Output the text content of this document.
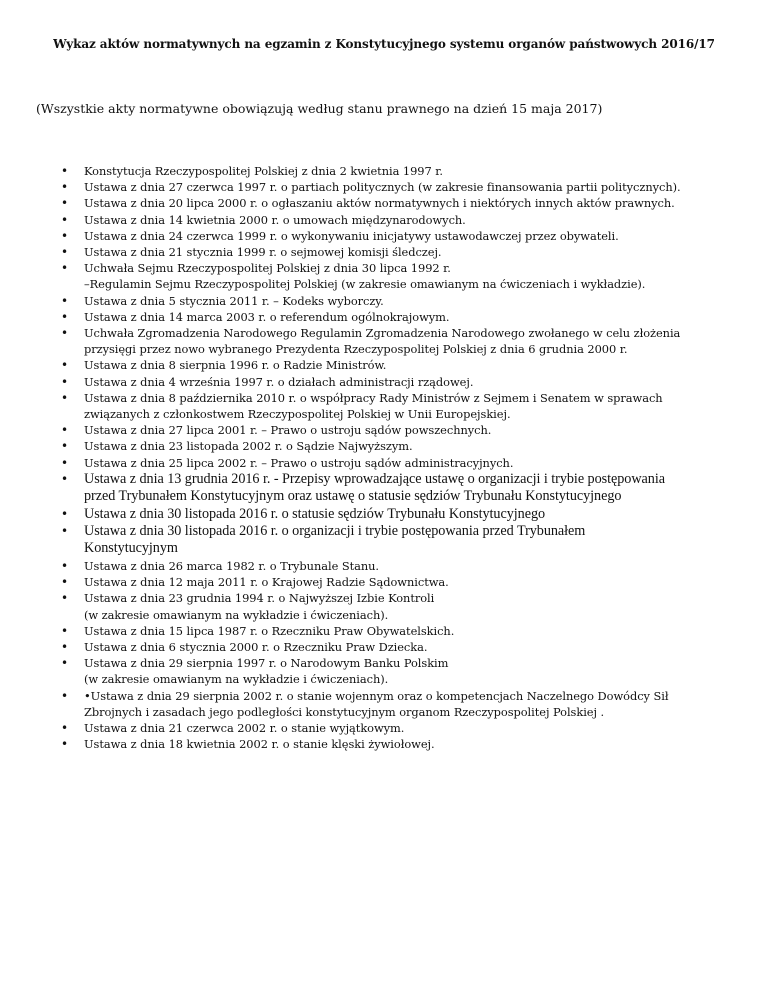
Wykaz aktów normatywnych na egzamin z Konstytucyjnego systemu organów państwowych 2016/17
(Wszystkie akty normatywne obowiązują według stanu prawnego na dzień 15 maja 2017)
• Konstytucja Rzeczypospolitej Polskiej z dnia 2 kwietnia 1997 r.
• Ustawa z dnia 27 czerwca 1997 r. o partiach politycznych (w zakresie finansowania partii politycznych).
• Ustawa z dnia 20 lipca 2000 r. o ogłaszaniu aktów normatywnych i niektórych innych aktów prawnych.
• Ustawa z dnia 14 kwietnia 2000 r. o umowach międzynarodowych.
• Ustawa z dnia 24 czerwca 1999 r. o wykonywaniu inicjatywy ustawodawczej przez obywateli.
• Ustawa z dnia 21 stycznia 1999 r. o sejmowej komisji śledczej.
• Uchwała Sejmu Rzeczypospolitej Polskiej z dnia 30 lipca 1992 r.
–Regulamin Sejmu Rzeczypospolitej Polskiej (w zakresie omawianym na ćwiczeniach i wykładzie).
• Ustawa z dnia 5 stycznia 2011 r. – Kodeks wyborczy.
• Ustawa z dnia 14 marca 2003 r. o referendum ogólnokrajowym.
• Uchwała Zgromadzenia Narodowego Regulamin Zgromadzenia Narodowego zwołanego w celu złożenia
przysięgi przez nowo wybranego Prezydenta Rzeczypospolitej Polskiej z dnia 6 grudnia 2000 r.
• Ustawa z dnia 8 sierpnia 1996 r. o Radzie Ministrów.
• Ustawa z dnia 4 września 1997 r. o działach administracji rządowej.
• Ustawa z dnia 8 października 2010 r. o współpracy Rady Ministrów z Sejmem i Senatem w sprawach
związanych z członkostwem Rzeczypospolitej Polskiej w Unii Europejskiej.
• Ustawa z dnia 27 lipca 2001 r. – Prawo o ustroju sądów powszechnych.
• Ustawa z dnia 23 listopada 2002 r. o Sądzie Najwyższym.
• Ustawa z dnia 25 lipca 2002 r. – Prawo o ustroju sądów administracyjnych.
• Ustawa z dnia 13 grudnia 2016 r. - Przepisy wprowadzające ustawę o organizacji i trybie postępowania
przed Trybunałem Konstytucyjnym oraz ustawę o statusie sędziów Trybunału Konstytucyjnego
• Ustawa z dnia 30 listopada 2016 r. o statusie sędziów Trybunału Konstytucyjnego
• Ustawa z dnia 30 listopada 2016 r. o organizacji i trybie postępowania przed Trybunałem
Konstytucyjnym
• Ustawa z dnia 26 marca 1982 r. o Trybunale Stanu.
• Ustawa z dnia 12 maja 2011 r. o Krajowej Radzie Sądownictwa.
• Ustawa z dnia 23 grudnia 1994 r. o Najwyższej Izbie Kontroli
(w zakresie omawianym na wykładzie i ćwiczeniach).
• Ustawa z dnia 15 lipca 1987 r. o Rzeczniku Praw Obywatelskich.
• Ustawa z dnia 6 stycznia 2000 r. o Rzeczniku Praw Dziecka.
• Ustawa z dnia 29 sierpnia 1997 r. o Narodowym Banku Polskim
(w zakresie omawianym na wykładzie i ćwiczeniach).
• •Ustawa z dnia 29 sierpnia 2002 r. o stanie wojennym oraz o kompetencjach Naczelnego Dowódcy Sił
Zbrojnych i zasadach jego podległości konstytucyjnym organom Rzeczypospolitej Polskiej .
• Ustawa z dnia 21 czerwca 2002 r. o stanie wyjątkowym.
• Ustawa z dnia 18 kwietnia 2002 r. o stanie klęski żywiołowej.
